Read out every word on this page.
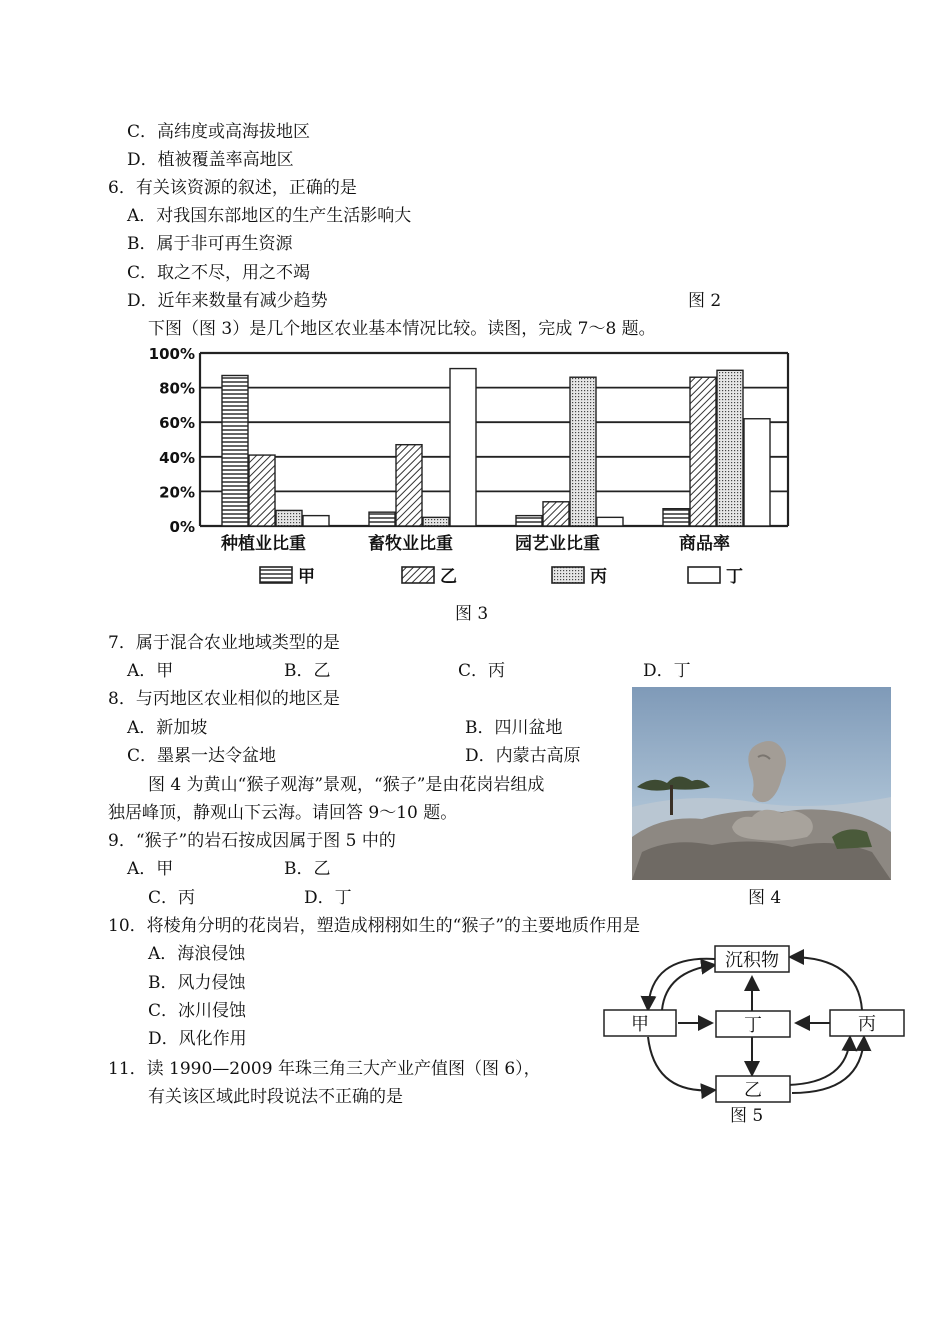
C．高纬度或高海拔地区
D．植被覆盖率高地区
6．有关该资源的叙述，正确的是
A．对我国东部地区的生产生活影响大
B．属于非可再生资源
C．取之不尽，用之不竭
D．近年来数量有减少趋势	图 2
下图（图 3）是几个地区农业基本情况比较。读图，完成 7～8 题。
100%
80%
60%
40%
20%
0%
种植业比重	畜牧业比重	园艺业比重	商品率
甲	乙	丙	丁
图 3
7．属于混合农业地域类型的是
A．甲	B．乙	C．丙	D．丁
8．与丙地区农业相似的地区是
A．新加坡	B．四川盆地
C．墨累一达令盆地	D．内蒙古高原
图 4 为黄山“猴子观海”景观，“猴子”是由花岗岩组成
独居峰顶，静观山下云海。请回答 9～10 题。
9．“猴子”的岩石按成因属于图 5 中的
A．甲	B．乙
C．丙	D．丁	图 4
10．将棱角分明的花岗岩，塑造成栩栩如生的“猴子”的主要地质作用是
A．海浪侵蚀
B．风力侵蚀
C．冰川侵蚀
D．风化作用
沉积物
甲	丁	丙
乙
图 5
11．读 1990—2009 年珠三角三大产业产值图（图 6），
有关该区域此时段说法不正确的是
